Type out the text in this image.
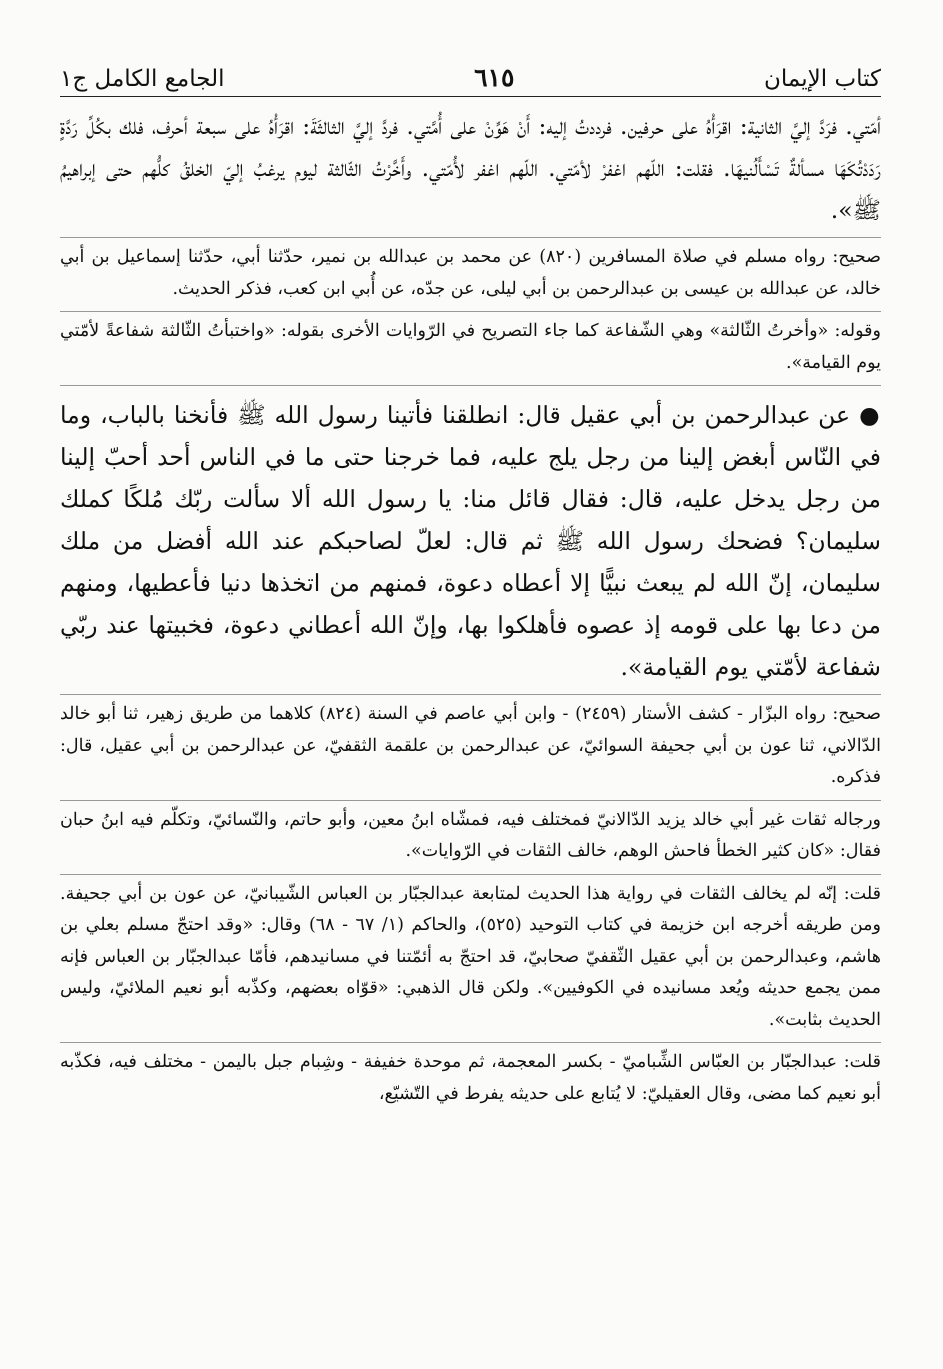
كتاب الإيمان
٦١٥
الجامع الكامل ج١

أمّتي. فرَدَّ إليَّ الثانية: اقرَأْهُ على حرفين. فرددتُ إليه: أَنْ هَوِّنْ على أُمَّتي. فردَّ إليَّ الثالثَةَ: اقرَأْهُ على سبعة أحرف، فلك بكُلِّ رَدَّةٍ رَدَدْتُكَهَا مسألةٌ تَسْأَلُنيهَا. فقلت: اللّهم اغفرْ لأمّتي. اللّهم اغفر لأُمّتي. وأَخَّرْتُ الثّالثة ليوم يرغبُ إليّ الخلقُ كلُّهم حتى إبراهيمُ ﷺ».

صحيح: رواه مسلم في صلاة المسافرين (٨٢٠) عن محمد بن عبدالله بن نمير، حدّثنا أبي، حدّثنا إسماعيل بن أبي خالد، عن عبدالله بن عيسى بن عبدالرحمن بن أبي ليلى، عن جدّه، عن أُبي ابن كعب، فذكر الحديث.

وقوله: «وأخرتُ الثّالثة» وهي الشّفاعة كما جاء التصريح في الرّوايات الأخرى بقوله: «واختبأتُ الثّالثة شفاعةً لأمّتي يوم القيامة».

● عن عبدالرحمن بن أبي عقيل قال: انطلقنا فأتينا رسول الله ﷺ فأنخنا بالباب، وما في النّاس أبغض إلينا من رجل يلج عليه، فما خرجنا حتى ما في الناس أحد أحبّ إلينا من رجل يدخل عليه، قال: فقال قائل منا: يا رسول الله ألا سألت ربّك مُلكًا كملك سليمان؟ فضحك رسول الله ﷺ ثم قال: لعلّ لصاحبكم عند الله أفضل من ملك سليمان، إنّ الله لم يبعث نبيًّا إلا أعطاه دعوة، فمنهم من اتخذها دنيا فأعطيها، ومنهم من دعا بها على قومه إذ عصوه فأهلكوا بها، وإنّ الله أعطاني دعوة، فخبيتها عند ربّي شفاعة لأمّتي يوم القيامة».

صحيح: رواه البزّار - كشف الأستار (٢٤٥٩) - وابن أبي عاصم في السنة (٨٢٤) كلاهما من طريق زهير، ثنا أبو خالد الدّالاني، ثنا عون بن أبي جحيفة السوائيّ، عن عبدالرحمن بن علقمة الثقفيّ، عن عبدالرحمن بن أبي عقيل، قال: فذكره.

ورجاله ثقات غير أبي خالد يزيد الدّالانيّ فمختلف فيه، فمشّاه ابنُ معين، وأبو حاتم، والنّسائيّ، وتكلّم فيه ابنُ حبان فقال: «كان كثير الخطأ فاحش الوهم، خالف الثقات في الرّوايات».

قلت: إنّه لم يخالف الثقات في رواية هذا الحديث لمتابعة عبدالجبّار بن العباس الشّيبانيّ، عن عون بن أبي جحيفة. ومن طريقه أخرجه ابن خزيمة في كتاب التوحيد (٥٢٥)، والحاكم (١/ ٦٧ - ٦٨) وقال: «وقد احتجّ مسلم بعلي بن هاشم، وعبدالرحمن بن أبي عقيل الثّقفيّ صحابيّ، قد احتجّ به أئمّتنا في مسانيدهم، فأمّا عبدالجبّار بن العباس فإنه ممن يجمع حديثه ويُعد مسانيده في الكوفيين». ولكن قال الذهبي: «قوّاه بعضهم، وكذّبه أبو نعيم الملائيّ، وليس الحديث بثابت».

قلت: عبدالجبّار بن العبّاس الشِّباميّ - بكسر المعجمة، ثم موحدة خفيفة - وشِبام جبل باليمن - مختلف فيه، فكذّبه أبو نعيم كما مضى، وقال العقيليّ: لا يُتابع على حديثه يفرط في التّشيّع،
